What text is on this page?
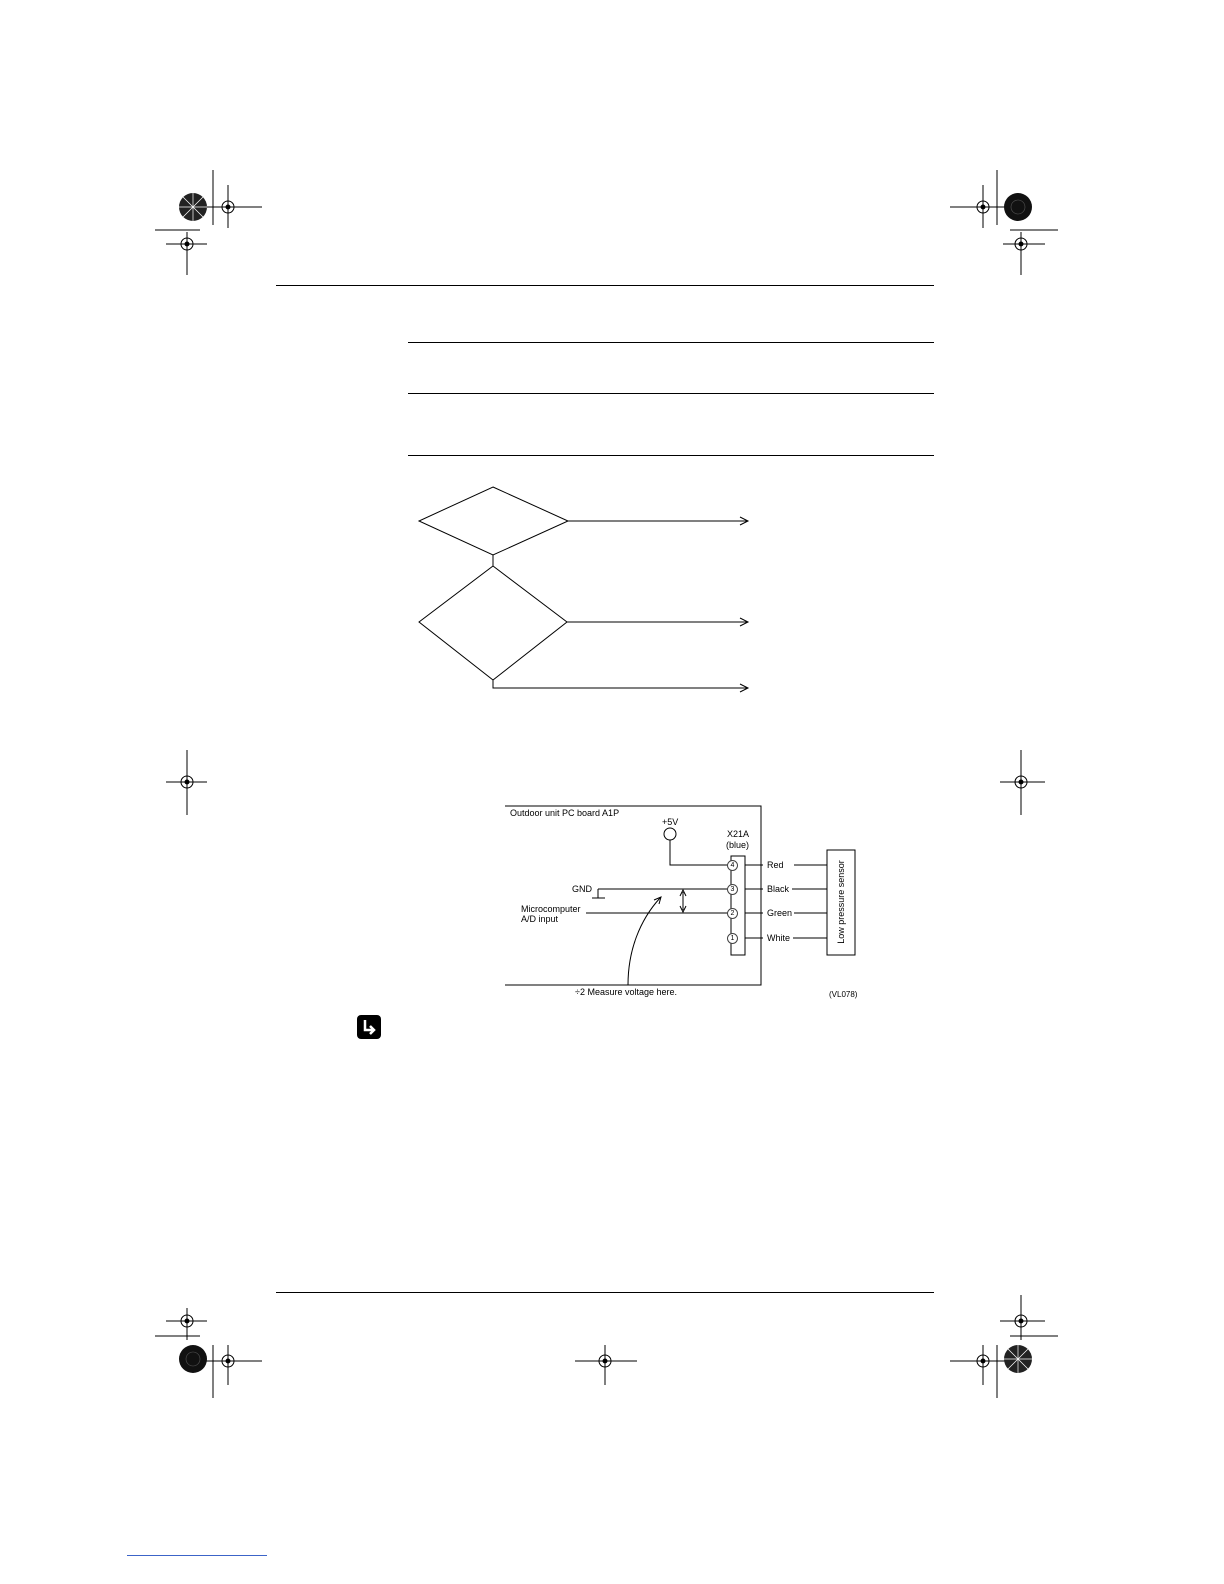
Outdoor unit PC board A1P
+5V
X21A
(blue)
GND
Microcomputer
A/D input
4
3
2
1
Red
Black
Green
White	Low pressure sensor
÷2 Measure voltage here.	(VL078)
